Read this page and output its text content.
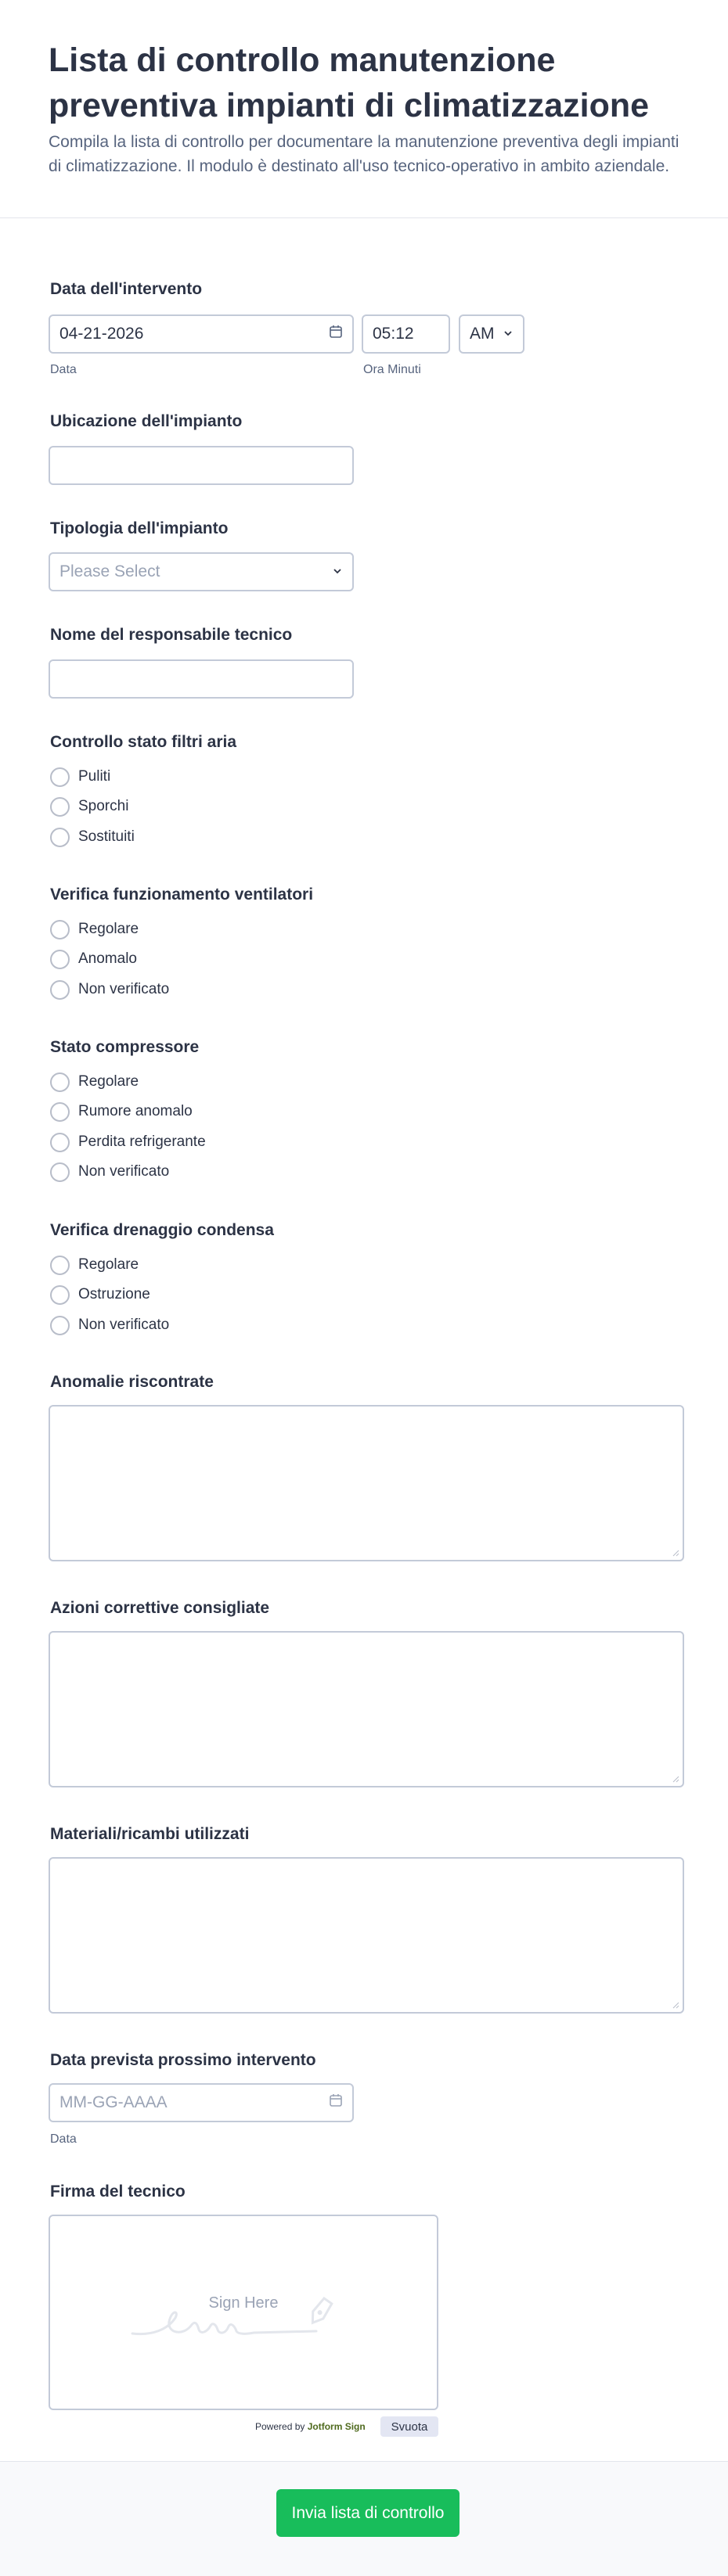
Lista di controllo manutenzione preventiva impianti di climatizzazione
Compila la lista di controllo per documentare la manutenzione preventiva degli impianti di climatizzazione. Il modulo è destinato all'uso tecnico-operativo in ambito aziendale.
Data dell'intervento
04-21-2026
Data
05:12	AM
Ora Minuti
Ubicazione dell'impianto
Tipologia dell'impianto
Please Select
Nome del responsabile tecnico
Controllo stato filtri aria
Puliti
Sporchi
Sostituiti
Verifica funzionamento ventilatori
Regolare
Anomalo
Non verificato
Stato compressore
Regolare
Rumore anomalo
Perdita refrigerante
Non verificato
Verifica drenaggio condensa
Regolare
Ostruzione
Non verificato
Anomalie riscontrate
Azioni correttive consigliate
Materiali/ricambi utilizzati
Data prevista prossimo intervento
MM-GG-AAAA
Data
Firma del tecnico
Sign Here
Powered by
Jotform Sign	Svuota
Invia lista di controllo
